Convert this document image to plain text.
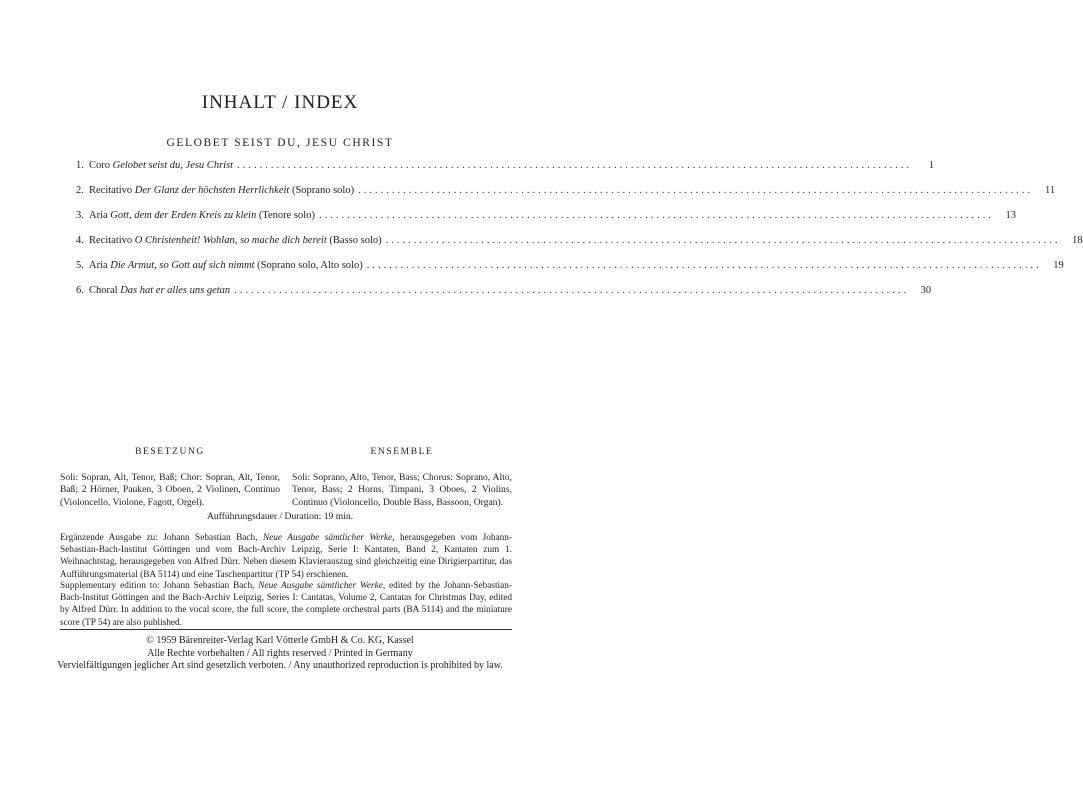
INHALT / INDEX
GELOBET SEIST DU, JESU CHRIST
1. Coro Gelobet seist du, Jesu Christ ........................................................................................................................	1
2. Recitativo Der Glanz der höchsten Herrlichkeit (Soprano solo) ........................................................................................................................	11
3. Aria Gott, dem der Erden Kreis zu klein (Tenore solo) ........................................................................................................................	13
4. Recitativo O Christenheit! Wohlan, so mache dich bereit (Basso solo) ........................................................................................................................	18
5. Aria Die Armut, so Gott auf sich nimmt (Soprano solo, Alto solo) ........................................................................................................................	19
6. Choral Das hat er alles uns getan ........................................................................................................................	30
BESETZUNG
Soli: Sopran, Alt, Tenor, Baß; Chor: Sopran, Alt, Tenor, Baß; 2 Hörner, Pauken, 3 Oboen, 2 Violinen, Continuo (Violoncello, Violone, Fagott, Orgel).
ENSEMBLE
Soli: Soprano, Alto, Tenor, Bass; Chorus: Soprano, Alto, Tenor, Bass; 2 Horns, Timpani, 3 Oboes, 2 Violins, Continuo (Violoncello, Double Bass, Bassoon, Organ).
Aufführungsdauer / Duration: 19 min.
Ergänzende Ausgabe zu: Johann Sebastian Bach, Neue Ausgabe sämtlicher Werke, herausgegeben vom Johann-Sebastian-Bach-Institut Göttingen und vom Bach-Archiv Leipzig, Serie I: Kantaten, Band 2, Kantaten zum 1. Weihnachtstag, herausgegeben von Alfred Dürr. Neben diesem Klavierauszug sind gleichzeitig eine Dirigierpartitur, das Aufführungsmaterial (BA 5114) und eine Taschenpartitur (TP 54) erschienen.
Supplementary edition to: Johann Sebastian Bach, Neue Ausgabe sämtlicher Werke, edited by the Johann-Sebastian-Bach-Institut Göttingen and the Bach-Archiv Leipzig, Series I: Cantatas, Volume 2, Cantatas for Christmas Day, edited by Alfred Dürr. In addition to the vocal score, the full score, the complete orchestral parts (BA 5114) and the miniature score (TP 54) are also published.
© 1959 Bärenreiter-Verlag Karl Vötterle GmbH & Co. KG, Kassel
Alle Rechte vorbehalten / All rights reserved / Printed in Germany
Vervielfältigungen jeglicher Art sind gesetzlich verboten. / Any unauthorized reproduction is prohibited by law.
